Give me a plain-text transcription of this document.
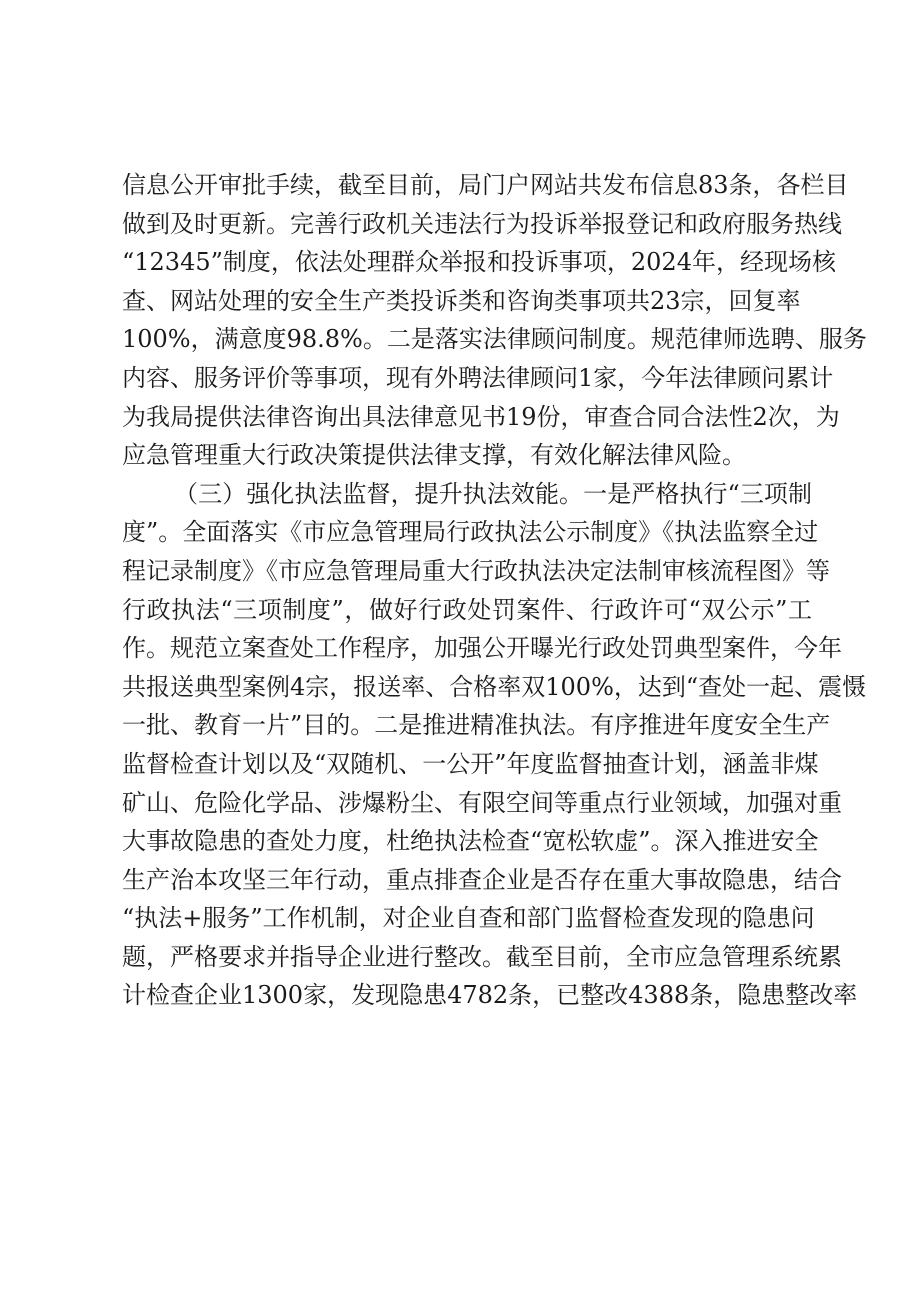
信息公开审批手续，截至目前，局门户网站共发布信息83条，各栏目
做到及时更新。完善行政机关违法行为投诉举报登记和政府服务热线
“12345”制度，依法处理群众举报和投诉事项，2024年，经现场核
查、网站处理的安全生产类投诉类和咨询类事项共23宗，回复率
100%，满意度98.8%。二是落实法律顾问制度。规范律师选聘、服务
内容、服务评价等事项，现有外聘法律顾问1家，今年法律顾问累计
为我局提供法律咨询出具法律意见书19份，审查合同合法性2次，为
应急管理重大行政决策提供法律支撑，有效化解法律风险。
（三）强化执法监督，提升执法效能。一是严格执行“三项制
度”。全面落实《市应急管理局行政执法公示制度》《执法监察全过
程记录制度》《市应急管理局重大行政执法决定法制审核流程图》等
行政执法“三项制度”，做好行政处罚案件、行政许可“双公示”工
作。规范立案查处工作程序，加强公开曝光行政处罚典型案件，今年
共报送典型案例4宗，报送率、合格率双100%，达到“查处一起、震慑
一批、教育一片”目的。二是推进精准执法。有序推进年度安全生产
监督检查计划以及“双随机、一公开”年度监督抽查计划，涵盖非煤
矿山、危险化学品、涉爆粉尘、有限空间等重点行业领域，加强对重
大事故隐患的查处力度，杜绝执法检查“宽松软虚”。深入推进安全
生产治本攻坚三年行动，重点排查企业是否存在重大事故隐患，结合
“执法+服务”工作机制，对企业自查和部门监督检查发现的隐患问
题，严格要求并指导企业进行整改。截至目前，全市应急管理系统累
计检查企业1300家，发现隐患4782条，已整改4388条，隐患整改率
